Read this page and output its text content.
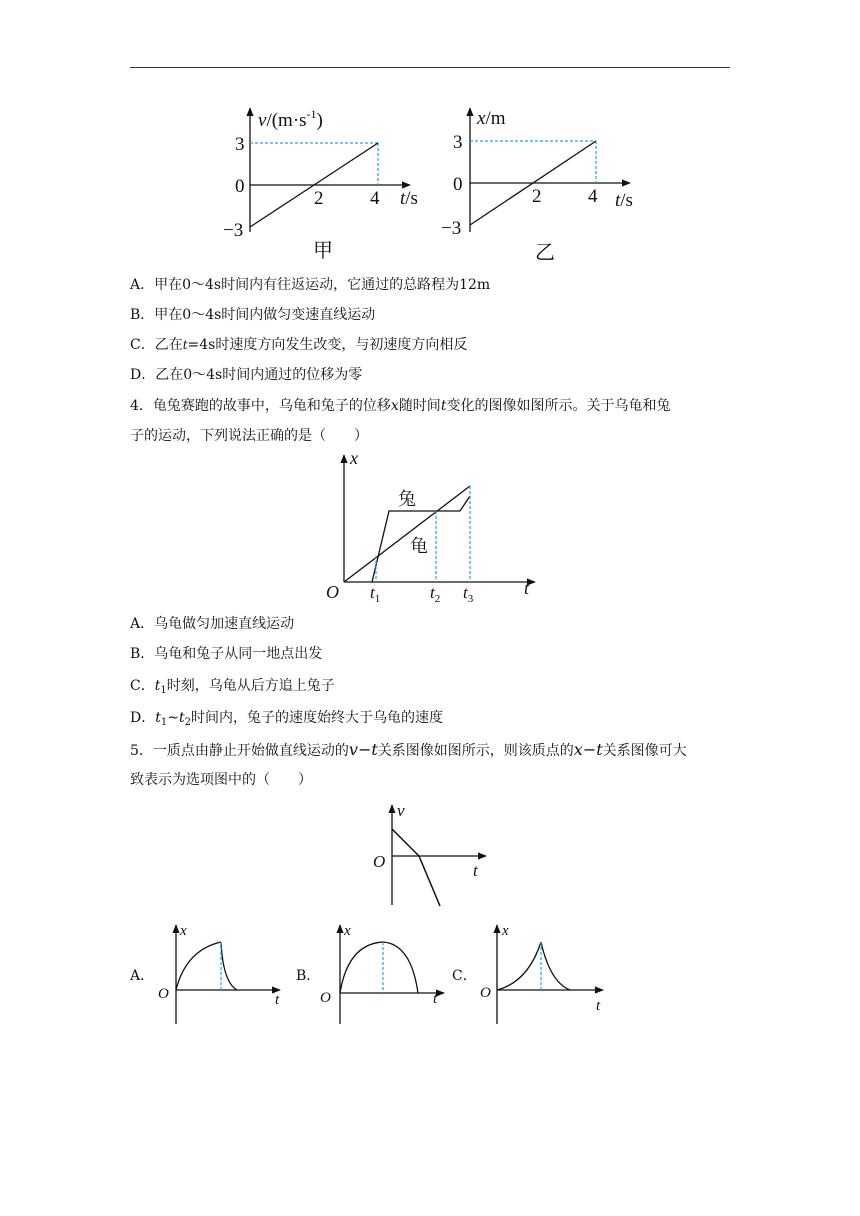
$v/(m\cdot s^{-1})$
3
0
−3
2 4 t/s
甲
x/m
3
0
−3
2 4 t/s
乙
A．甲在0～4s时间内有往返运动，它通过的总路程为12m
B．甲在0～4s时间内做匀变速直线运动
C．乙在t=4s时速度方向发生改变，与初速度方向相反
D．乙在0～4s时间内通过的位移为零
4．龟兔赛跑的故事中，乌龟和兔子的位移x随时间t变化的图像如图所示。关于乌龟和兔
子的运动，下列说法正确的是（　　）
x
t
O
兔
龟
$t_1$	$t_2$ $t_3$
A．乌龟做匀加速直线运动
B．乌龟和兔子从同一地点出发
C．$t_1$时刻，乌龟从后方追上兔子
D．$t_1\sim t_2$时间内，兔子的速度始终大于乌龟的速度
5．一质点由静止开始做直线运动的v−t关系图像如图所示，则该质点的x−t关系图像可大
致表示为选项图中的（　　）
v
t
O
A．
x
t
O
B．
x
t
O
C．
x
t
O
